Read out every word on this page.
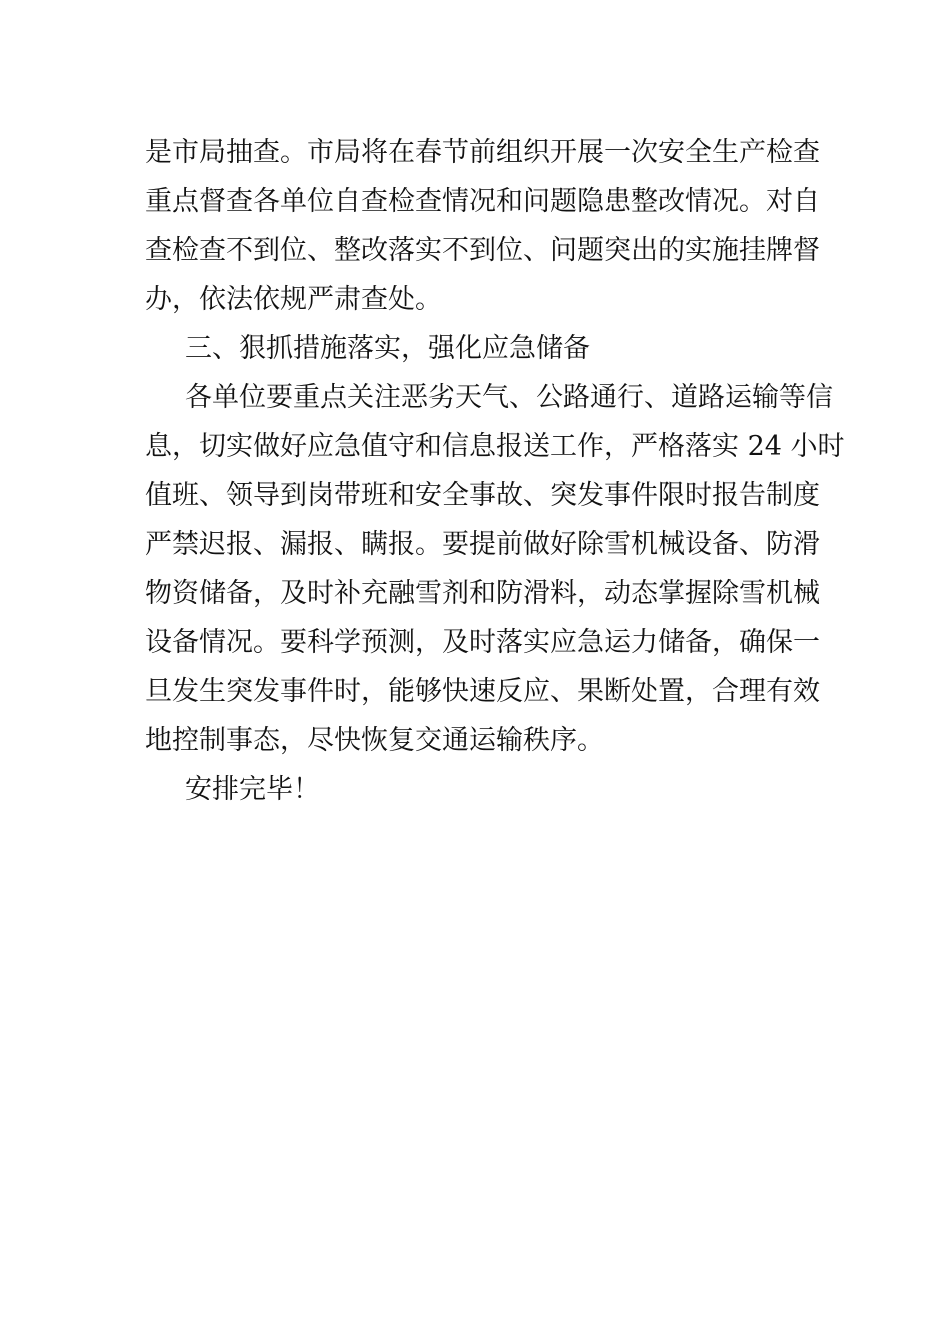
是市局抽查。市局将在春节前组织开展一次安全生产检查

重点督查各单位自查检查情况和问题隐患整改情况。对自

查检查不到位、整改落实不到位、问题突出的实施挂牌督

办，依法依规严肃查处。

三、狠抓措施落实，强化应急储备

各单位要重点关注恶劣天气、公路通行、道路运输等信

息，切实做好应急值守和信息报送工作，严格落实 24 小时

值班、领导到岗带班和安全事故、突发事件限时报告制度

严禁迟报、漏报、瞒报。要提前做好除雪机械设备、防滑

物资储备，及时补充融雪剂和防滑料，动态掌握除雪机械

设备情况。要科学预测，及时落实应急运力储备，确保一

旦发生突发事件时，能够快速反应、果断处置，合理有效

地控制事态，尽快恢复交通运输秩序。

安排完毕！
